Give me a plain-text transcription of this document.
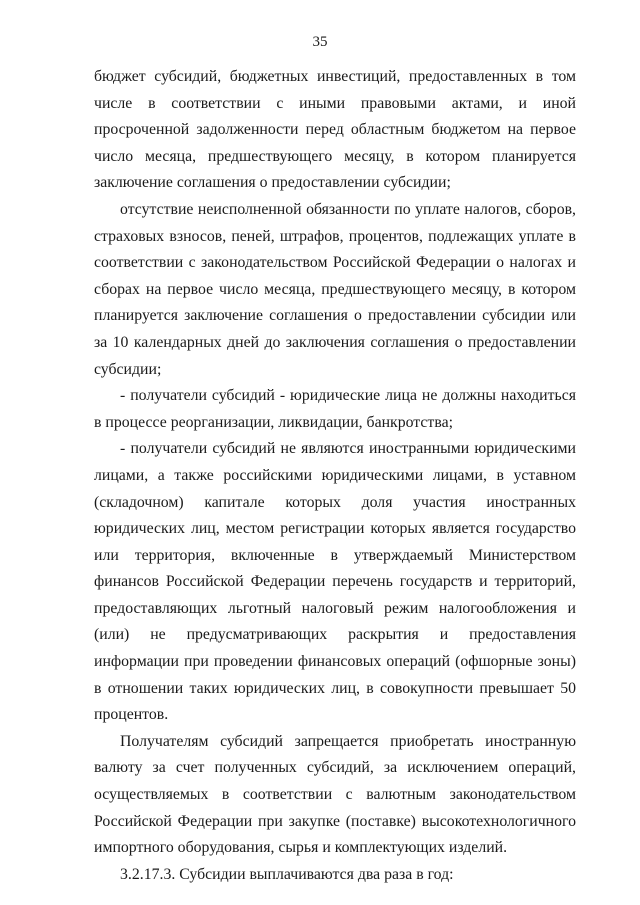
35

бюджет субсидий, бюджетных инвестиций, предоставленных в том числе в соответствии с иными правовыми актами, и иной просроченной задолженности перед областным бюджетом на первое число месяца, предшествующего месяцу, в котором планируется заключение соглашения о предоставлении субсидии;

отсутствие неисполненной обязанности по уплате налогов, сборов, страховых взносов, пеней, штрафов, процентов, подлежащих уплате в соответствии с законодательством Российской Федерации о налогах и сборах на первое число месяца, предшествующего месяцу, в котором планируется заключение соглашения о предоставлении субсидии или за 10 календарных дней до заключения соглашения о предоставлении субсидии;

- получатели субсидий - юридические лица не должны находиться в процессе реорганизации, ликвидации, банкротства;

- получатели субсидий не являются иностранными юридическими лицами, а также российскими юридическими лицами, в уставном (складочном) капитале которых доля участия иностранных юридических лиц, местом регистрации которых является государство или территория, включенные в утверждаемый Министерством финансов Российской Федерации перечень государств и территорий, предоставляющих льготный налоговый режим налогообложения и (или) не предусматривающих раскрытия и предоставления информации при проведении финансовых операций (офшорные зоны) в отношении таких юридических лиц, в совокупности превышает 50 процентов.

Получателям субсидий запрещается приобретать иностранную валюту за счет полученных субсидий, за исключением операций, осуществляемых в соответствии с валютным законодательством Российской Федерации при закупке (поставке) высокотехнологичного импортного оборудования, сырья и комплектующих изделий.

3.2.17.3. Субсидии выплачиваются два раза в год:
